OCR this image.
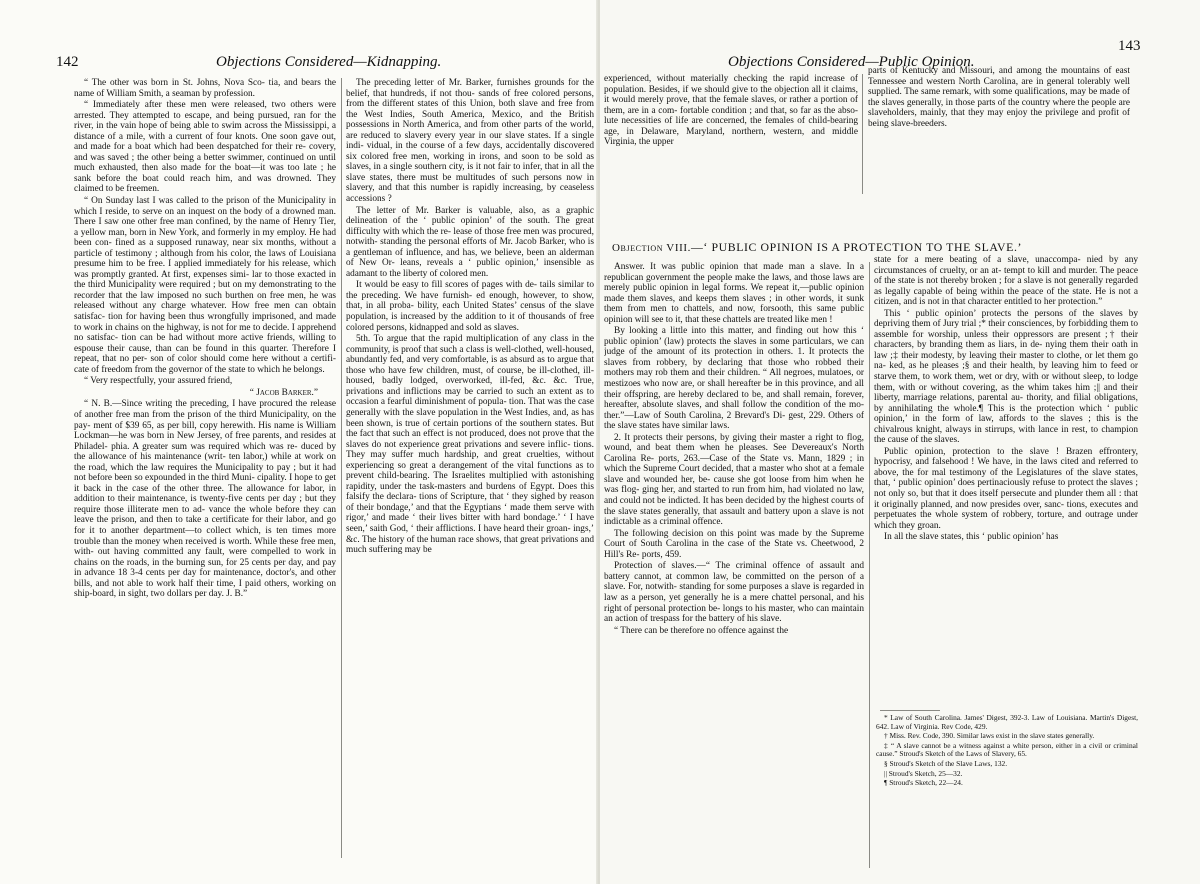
142	Objections Considered—Kidnapping.

“ The other was born in St. Johns, Nova Sco- tia, and bears the name of William Smith, a seaman by profession.

“ Immediately after these men were released, two others were arrested. They attempted to escape, and being pursued, ran for the river, in the vain hope of being able to swim across the Mississippi, a distance of a mile, with a current of four knots. One soon gave out, and made for a boat which had been despatched for their re- covery, and was saved ; the other being a better swimmer, continued on until much exhausted, then also made for the boat—it was too late ; he sank before the boat could reach him, and was drowned. They claimed to be freemen.

“ On Sunday last I was called to the prison of the Municipality in which I reside, to serve on an inquest on the body of a drowned man. There I saw one other free man confined, by the name of Henry Tier, a yellow man, born in New York, and formerly in my employ. He had been con- fined as a supposed runaway, near six months, without a particle of testimony ; although from his color, the laws of Louisiana presume him to be free. I applied immediately for his release, which was promptly granted. At first, expenses simi- lar to those exacted in the third Municipality were required ; but on my demonstrating to the recorder that the law imposed no such burthen on free men, he was released without any charge whatever. How free men can obtain satisfac- tion for having been thus wrongfully imprisoned, and made to work in chains on the highway, is not for me to decide. I apprehend no satisfac- tion can be had without more active friends, willing to espouse their cause, than can be found in this quarter. Therefore I repeat, that no per- son of color should come here without a certifi- cate of freedom from the governor of the state to which he belongs.

“ Very respectfully, your assured friend,

“ Jacob Barker.”

“ N. B.—Since writing the preceding, I have procured the release of another free man from the prison of the third Municipality, on the pay- ment of $39 65, as per bill, copy herewith. His name is William Lockman—he was born in New Jersey, of free parents, and resides at Philadel- phia. A greater sum was required which was re- duced by the allowance of his maintenance (writ- ten labor,) while at work on the road, which the law requires the Municipality to pay ; but it had not before been so expounded in the third Muni- cipality. I hope to get it back in the case of the other three. The allowance for labor, in addition to their maintenance, is twenty-five cents per day ; but they require those illiterate men to ad- vance the whole before they can leave the prison, and then to take a certificate for their labor, and go for it to another department—to collect which, is ten times more trouble than the money when received is worth. While these free men, with- out having committed any fault, were compelled to work in chains on the roads, in the burning sun, for 25 cents per day, and pay in advance 18 3-4 cents per day for maintenance, doctor's, and other bills, and not able to work half their time, I paid others, working on ship-board, in sight, two dollars per day. J. B.”

The preceding letter of Mr. Barker, furnishes grounds for the belief, that hundreds, if not thou- sands of free colored persons, from the different states of this Union, both slave and free from the West Indies, South America, Mexico, and the British possessions in North America, and from other parts of the world, are reduced to slavery every year in our slave states. If a single indi- vidual, in the course of a few days, accidentally discovered six colored free men, working in irons, and soon to be sold as slaves, in a single southern city, is it not fair to infer, that in all the slave states, there must be multitudes of such persons now in slavery, and that this number is rapidly increasing, by ceaseless accessions ?

The letter of Mr. Barker is valuable, also, as a graphic delineation of the ‘ public opinion’ of the south. The great difficulty with which the re- lease of those free men was procured, notwith- standing the personal efforts of Mr. Jacob Barker, who is a gentleman of influence, and has, we believe, been an alderman of New Or- leans, reveals a ‘ public opinion,’ insensible as adamant to the liberty of colored men.

It would be easy to fill scores of pages with de- tails similar to the preceding. We have furnish- ed enough, however, to show, that, in all proba- bility, each United States’ census of the slave population, is increased by the addition to it of thousands of free colored persons, kidnapped and sold as slaves.

5th. To argue that the rapid multiplication of any class in the community, is proof that such a class is well-clothed, well-housed, abundantly fed, and very comfortable, is as absurd as to argue that those who have few children, must, of course, be ill-clothed, ill-housed, badly lodged, overworked, ill-fed, &c. &c. True, privations and inflictions may be carried to such an extent as to occasion a fearful diminishment of popula- tion. That was the case generally with the slave population in the West Indies, and, as has been shown, is true of certain portions of the southern states. But the fact that such an effect is not produced, does not prove that the slaves do not experience great privations and severe inflic- tions. They may suffer much hardship, and great cruelties, without experiencing so great a derangement of the vital functions as to prevent child-bearing. The Israelites multiplied with astonishing rapidity, under the task-masters and burdens of Egypt. Does this falsify the declara- tions of Scripture, that ‘ they sighed by reason of their bondage,’ and that the Egyptians ‘ made them serve with rigor,’ and made ‘ their lives bitter with hard bondage.’ ‘ I have seen,’ saith God, ‘ their afflictions. I have heard their groan- ings,’ &c. The history of the human race shows, that great privations and much suffering may be

Objections Considered—Public Opinion.
143

experienced, without materially checking the rapid increase of population. Besides, if we should give to the objection all it claims, it would merely prove, that the female slaves, or rather a portion of them, are in a com- fortable condition ; and that, so far as the abso- lute necessities of life are concerned, the females of child-bearing age, in Delaware, Maryland, northern, western, and middle Virginia, the upper

parts of Kentucky and Missouri, and among the mountains of east Tennessee and western North Carolina, are in general tolerably well supplied. The same remark, with some qualifications, may be made of the slaves generally, in those parts of the country where the people are slaveholders, mainly, that they may enjoy the privilege and profit of being slave-breeders.

Objection VIII.—‘ PUBLIC OPINION IS A PROTECTION TO THE SLAVE.’

Answer. It was public opinion that made man a slave. In a republican government the people make the laws, and those laws are merely public opinion in legal forms. We repeat it,—public opinion made them slaves, and keeps them slaves ; in other words, it sunk them from men to chattels, and now, forsooth, this same public opinion will see to it, that these chattels are treated like men !

By looking a little into this matter, and finding out how this ‘ public opinion’ (law) protects the slaves in some particulars, we can judge of the amount of its protection in others. 1. It protects the slaves from robbery, by declaring that those who robbed their mothers may rob them and their children. “ All negroes, mulatoes, or mestizoes who now are, or shall hereafter be in this province, and all their offspring, are hereby declared to be, and shall remain, forever, hereafter, absolute slaves, and shall follow the condition of the mo- ther.”—Law of South Carolina, 2 Brevard's Di- gest, 229. Others of the slave states have similar laws.

2. It protects their persons, by giving their master a right to flog, wound, and beat them when he pleases. See Devereaux's North Carolina Re- ports, 263.—Case of the State vs. Mann, 1829 ; in which the Supreme Court decided, that a master who shot at a female slave and wounded her, be- cause she got loose from him when he was flog- ging her, and started to run from him, had violated no law, and could not be indicted. It has been decided by the highest courts of the slave states generally, that assault and battery upon a slave is not indictable as a criminal offence.

The following decision on this point was made by the Supreme Court of South Carolina in the case of the State vs. Cheetwood, 2 Hill's Re- ports, 459.

Protection of slaves.—“ The criminal offence of assault and battery cannot, at common law, be committed on the person of a slave. For, notwith- standing for some purposes a slave is regarded in law as a person, yet generally he is a mere chattel personal, and his right of personal protection be- longs to his master, who can maintain an action of trespass for the battery of his slave.

“ There can be therefore no offence against the

state for a mere beating of a slave, unaccompa- nied by any circumstances of cruelty, or an at- tempt to kill and murder. The peace of the state is not thereby broken ; for a slave is not generally regarded as legally capable of being within the peace of the state. He is not a citizen, and is not in that character entitled to her protection.”

This ‘ public opinion’ protects the persons of the slaves by depriving them of Jury trial ;* their consciences, by forbidding them to assemble for worship, unless their oppressors are present ;† their characters, by branding them as liars, in de- nying them their oath in law ;‡ their modesty, by leaving their master to clothe, or let them go na- ked, as he pleases ;§ and their health, by leaving him to feed or starve them, to work them, wet or dry, with or without sleep, to lodge them, with or without covering, as the whim takes him ;|| and their liberty, marriage relations, parental au- thority, and filial obligations, by annihilating the whole.¶ This is the protection which ‘ public opinion,’ in the form of law, affords to the slaves ; this is the chivalrous knight, always in stirrups, with lance in rest, to champion the cause of the slaves.

Public opinion, protection to the slave ! Brazen effrontery, hypocrisy, and falsehood ! We have, in the laws cited and referred to above, the for mal testimony of the Legislatures of the slave states, that, ‘ public opinion’ does pertinaciously refuse to protect the slaves ; not only so, but that it does itself persecute and plunder them all : that it originally planned, and now presides over, sanc- tions, executes and perpetuates the whole system of robbery, torture, and outrage under which they groan.

In all the slave states, this ‘ public opinion’ has

* Law of South Carolina. James' Digest, 392-3. Law of Louisiana. Martin's Digest, 642. Law of Virginia. Rev Code, 429.

† Miss. Rev. Code, 390. Similar laws exist in the slave states generally.

‡ “ A slave cannot be a witness against a white person, either in a civil or criminal cause.” Stroud's Sketch of the Laws of Slavery, 65.

§ Stroud's Sketch of the Slave Laws, 132.

|| Stroud's Sketch, 25—32.

¶ Stroud's Sketch, 22—24.
